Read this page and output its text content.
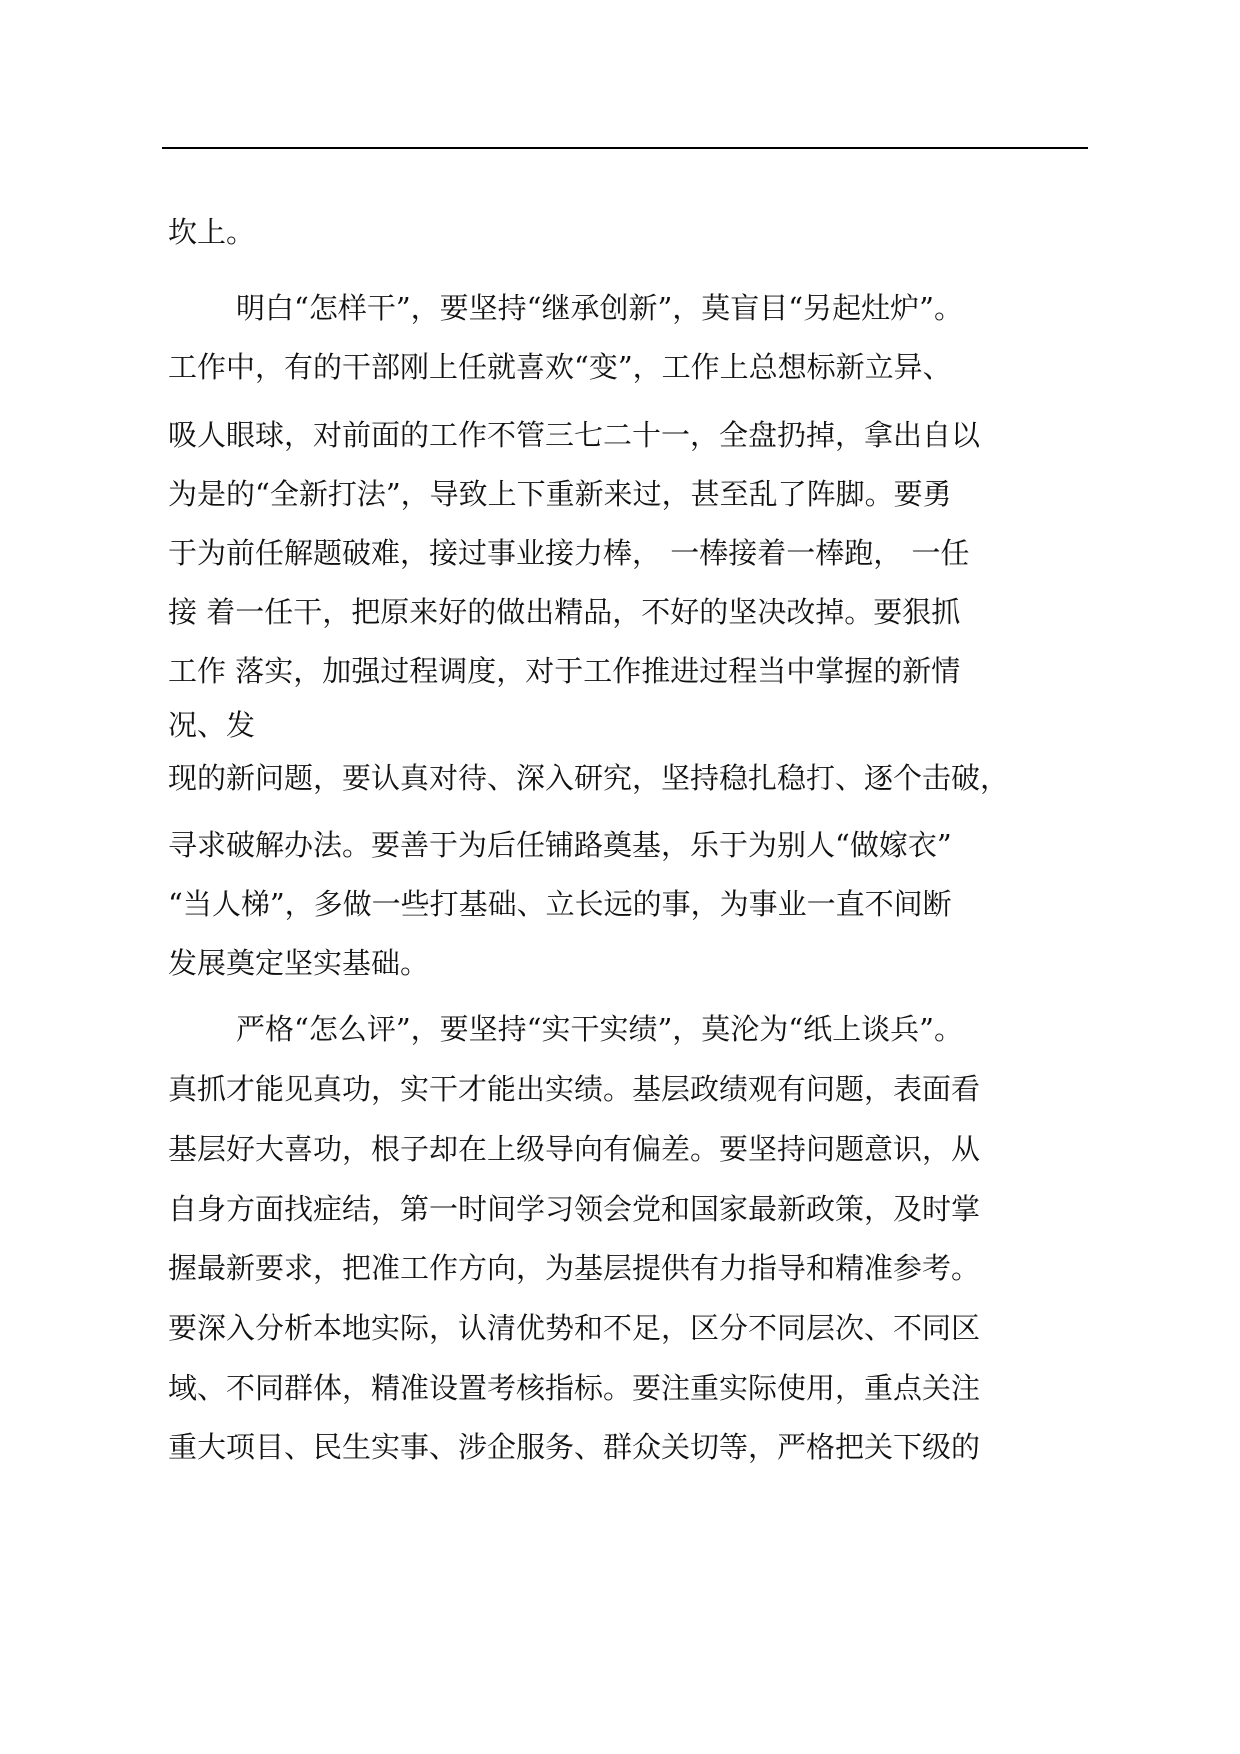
坎上。
明白“怎样干”，要坚持“继承创新”，莫盲目“另起灶炉”。
工作中，有的干部刚上任就喜欢“变”，工作上总想标新立异、
吸人眼球，对前面的工作不管三七二十一，全盘扔掉，拿出自以
为是的“全新打法”，导致上下重新来过，甚至乱了阵脚。要勇
于为前任解题破难，接过事业接力棒， 一棒接着一棒跑， 一任
接 着一任干，把原来好的做出精品，不好的坚决改掉。要狠抓
工作 落实，加强过程调度，对于工作推进过程当中掌握的新情
况、发
现的新问题，要认真对待、深入研究，坚持稳扎稳打、逐个击破，
寻求破解办法。要善于为后任铺路奠基，乐于为别人“做嫁衣”
“当人梯”，多做一些打基础、立长远的事，为事业一直不间断
发展奠定坚实基础。
严格“怎么评”，要坚持“实干实绩”，莫沦为“纸上谈兵”。
真抓才能见真功，实干才能出实绩。基层政绩观有问题，表面看
基层好大喜功，根子却在上级导向有偏差。要坚持问题意识，从
自身方面找症结，第一时间学习领会党和国家最新政策，及时掌
握最新要求，把准工作方向，为基层提供有力指导和精准参考。
要深入分析本地实际，认清优势和不足，区分不同层次、不同区
域、不同群体，精准设置考核指标。要注重实际使用，重点关注
重大项目、民生实事、涉企服务、群众关切等，严格把关下级的
